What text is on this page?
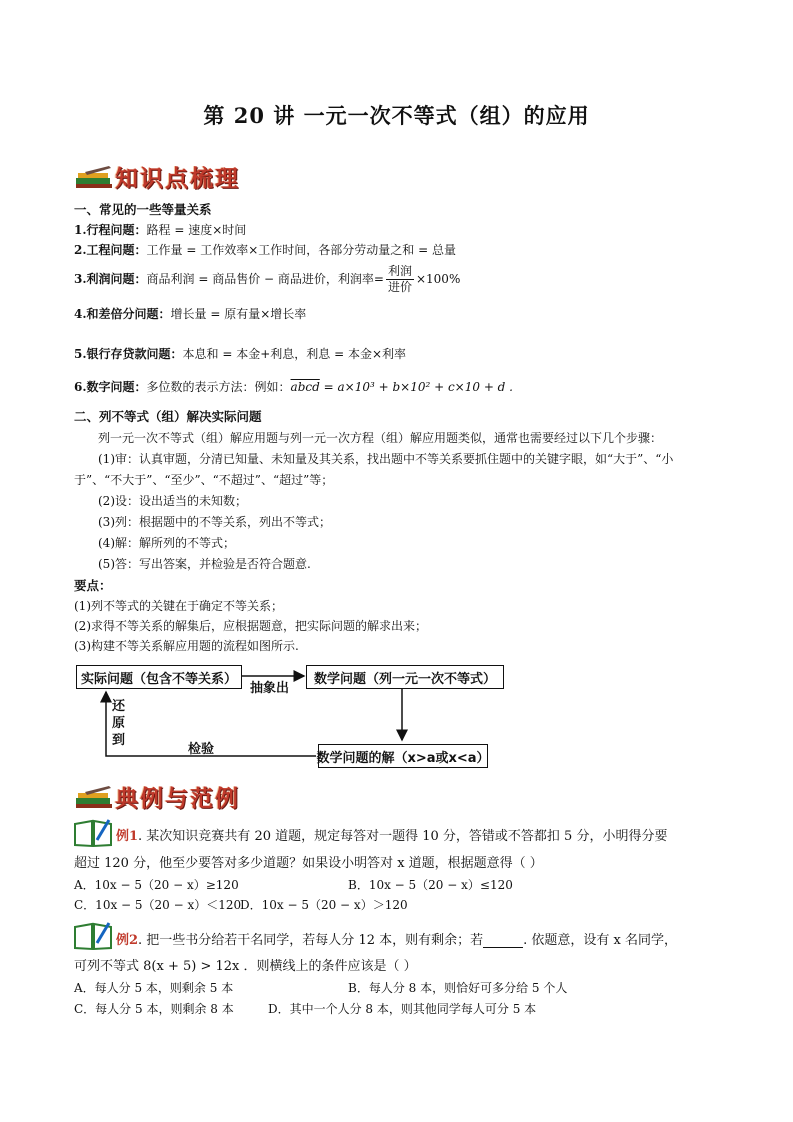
第 20 讲 一元一次不等式（组）的应用
知识点梳理
一、常见的一些等量关系
1.行程问题：路程 = 速度×时间
2.工程问题：工作量 = 工作效率×工作时间，各部分劳动量之和 = 总量
3.利润问题：商品利润 = 商品售价 − 商品进价，利润率= $\frac{\text{利润}}{\text{进价}} \times 100\%$
4.和差倍分问题：增长量 = 原有量×增长率
5.银行存贷款问题：本息和 = 本金+利息，利息 = 本金×利率
6.数字问题：多位数的表示方法：例如：abcd = a×10³ + b×10² + c×10 + d .
二、列不等式（组）解决实际问题
列一元一次不等式（组）解应用题与列一元一次方程（组）解应用题类似，通常也需要经过以下几个步骤：
(1)审：认真审题，分清已知量、未知量及其关系，找出题中不等关系要抓住题中的关键字眼，如“大于”、“小
于”、“不大于”、“至少”、“不超过”、“超过”等；
(2)设：设出适当的未知数；
(3)列：根据题中的不等关系，列出不等式；
(4)解：解所列的不等式；
(5)答：写出答案，并检验是否符合题意.
要点：
(1)列不等式的关键在于确定不等关系；
(2)求得不等关系的解集后，应根据题意，把实际问题的解求出来；
(3)构建不等关系解应用题的流程如图所示.
实际问题（包含不等关系）	数学问题（列一元一次不等式）
数学问题的解（x>a或x<a）
抽象出
检验
还
原
到
典例与范例
例1. 某次知识竞赛共有 20 道题，规定每答对一题得 10 分，答错或不答都扣 5 分，小明得分要
超过 120 分，他至少要答对多少道题？如果设小明答对 x 道题，根据题意得（ ）
A．10x − 5（20 − x）≥120	B．10x − 5（20 − x）≤120
C．10x − 5（20 − x）＜120
D．10x − 5（20 − x）＞120
例2. 把一些书分给若干名同学，若每人分 12 本，则有剩余；若	. 依题意，设有 x 名同学，
可列不等式 8(x + 5) > 12x ．则横线上的条件应该是（ ）
A．每人分 5 本，则剩余 5 本	B．每人分 8 本，则恰好可多分给 5 个人
C．每人分 5 本，则剩余 8 本	D．其中一个人分 8 本，则其他同学每人可分 5 本
